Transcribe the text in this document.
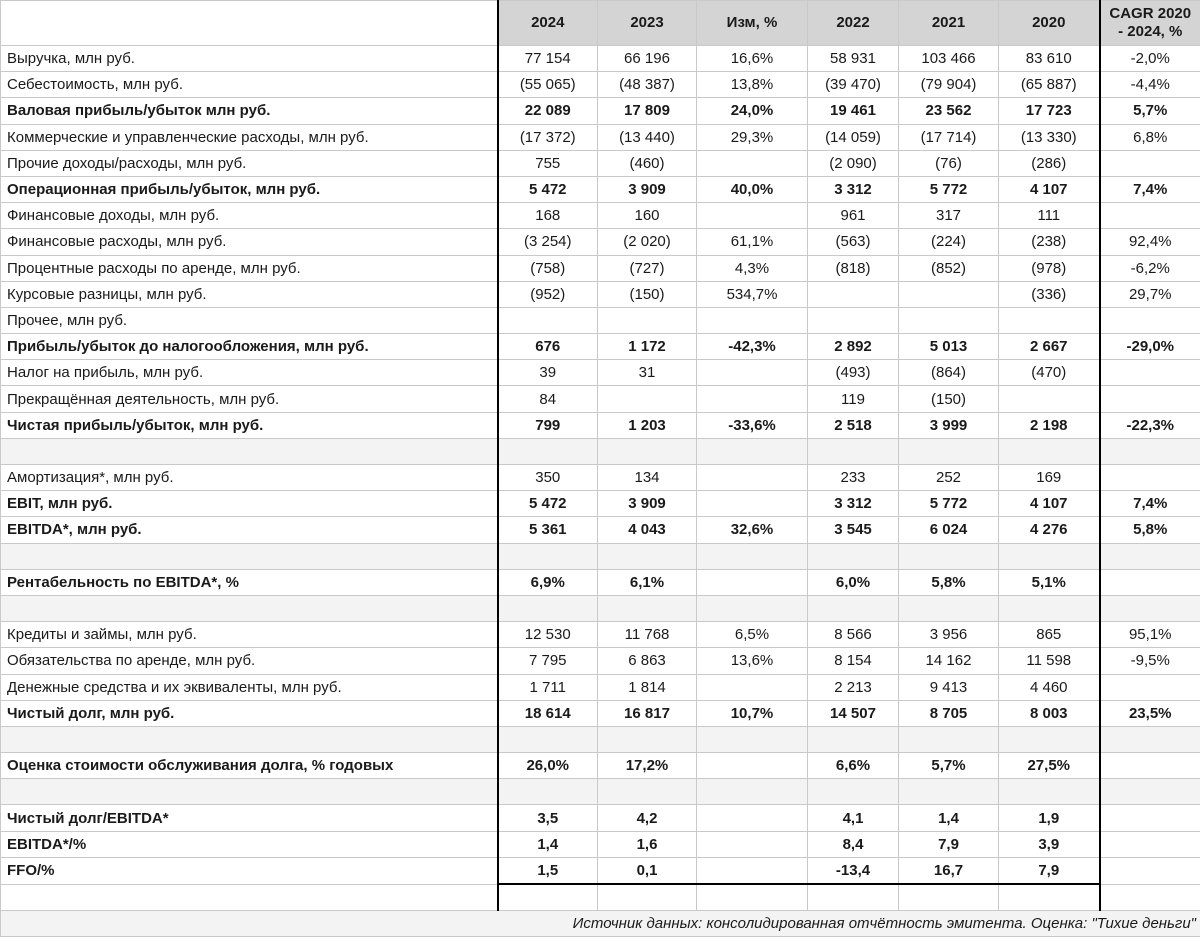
	2024	2023	Изм, %	2022	2021	2020	CAGR 2020 - 2024, %
Выручка, млн руб.	77 154	66 196	16,6%	58 931	103 466	83 610	-2,0%
Себестоимость, млн руб.	(55 065)	(48 387)	13,8%	(39 470)	(79 904)	(65 887)	-4,4%
Валовая прибыль/убыток млн руб.	22 089	17 809	24,0%	19 461	23 562	17 723	5,7%
Коммерческие и управленческие расходы, млн руб.	(17 372)	(13 440)	29,3%	(14 059)	(17 714)	(13 330)	6,8%
Прочие доходы/расходы, млн руб.	755	(460)		(2 090)	(76)	(286)	
Операционная прибыль/убыток, млн руб.	5 472	3 909	40,0%	3 312	5 772	4 107	7,4%
Финансовые доходы, млн руб.	168	160		961	317	111	
Финансовые расходы, млн руб.	(3 254)	(2 020)	61,1%	(563)	(224)	(238)	92,4%
Процентные расходы по аренде, млн руб.	(758)	(727)	4,3%	(818)	(852)	(978)	-6,2%
Курсовые разницы, млн руб.	(952)	(150)	534,7%			(336)	29,7%
Прочее, млн руб.							
Прибыль/убыток до налогообложения, млн руб.	676	1 172	-42,3%	2 892	5 013	2 667	-29,0%
Налог на прибыль, млн руб.	39	31		(493)	(864)	(470)	
Прекращённая деятельность, млн руб.	84			119	(150)		
Чистая прибыль/убыток, млн руб.	799	1 203	-33,6%	2 518	3 999	2 198	-22,3%

Амортизация*, млн руб.	350	134		233	252	169	
EBIT, млн руб.	5 472	3 909		3 312	5 772	4 107	7,4%
EBITDA*, млн руб.	5 361	4 043	32,6%	3 545	6 024	4 276	5,8%

Рентабельность по EBITDA*, %	6,9%	6,1%		6,0%	5,8%	5,1%	

Кредиты и займы, млн руб.	12 530	11 768	6,5%	8 566	3 956	865	95,1%
Обязательства по аренде, млн руб.	7 795	6 863	13,6%	8 154	14 162	11 598	-9,5%
Денежные средства и их эквиваленты, млн руб.	1 711	1 814		2 213	9 413	4 460	
Чистый долг, млн руб.	18 614	16 817	10,7%	14 507	8 705	8 003	23,5%

Оценка стоимости обслуживания долга, % годовых	26,0%	17,2%		6,6%	5,7%	27,5%	

Чистый долг/EBITDA*	3,5	4,2		4,1	1,4	1,9	
EBITDA*/%	1,4	1,6		8,4	7,9	3,9	
FFO/%	1,5	0,1		-13,4	16,7	7,9	

Источник данных: консолидированная отчётность эмитента. Оценка: "Тихие деньги"							
